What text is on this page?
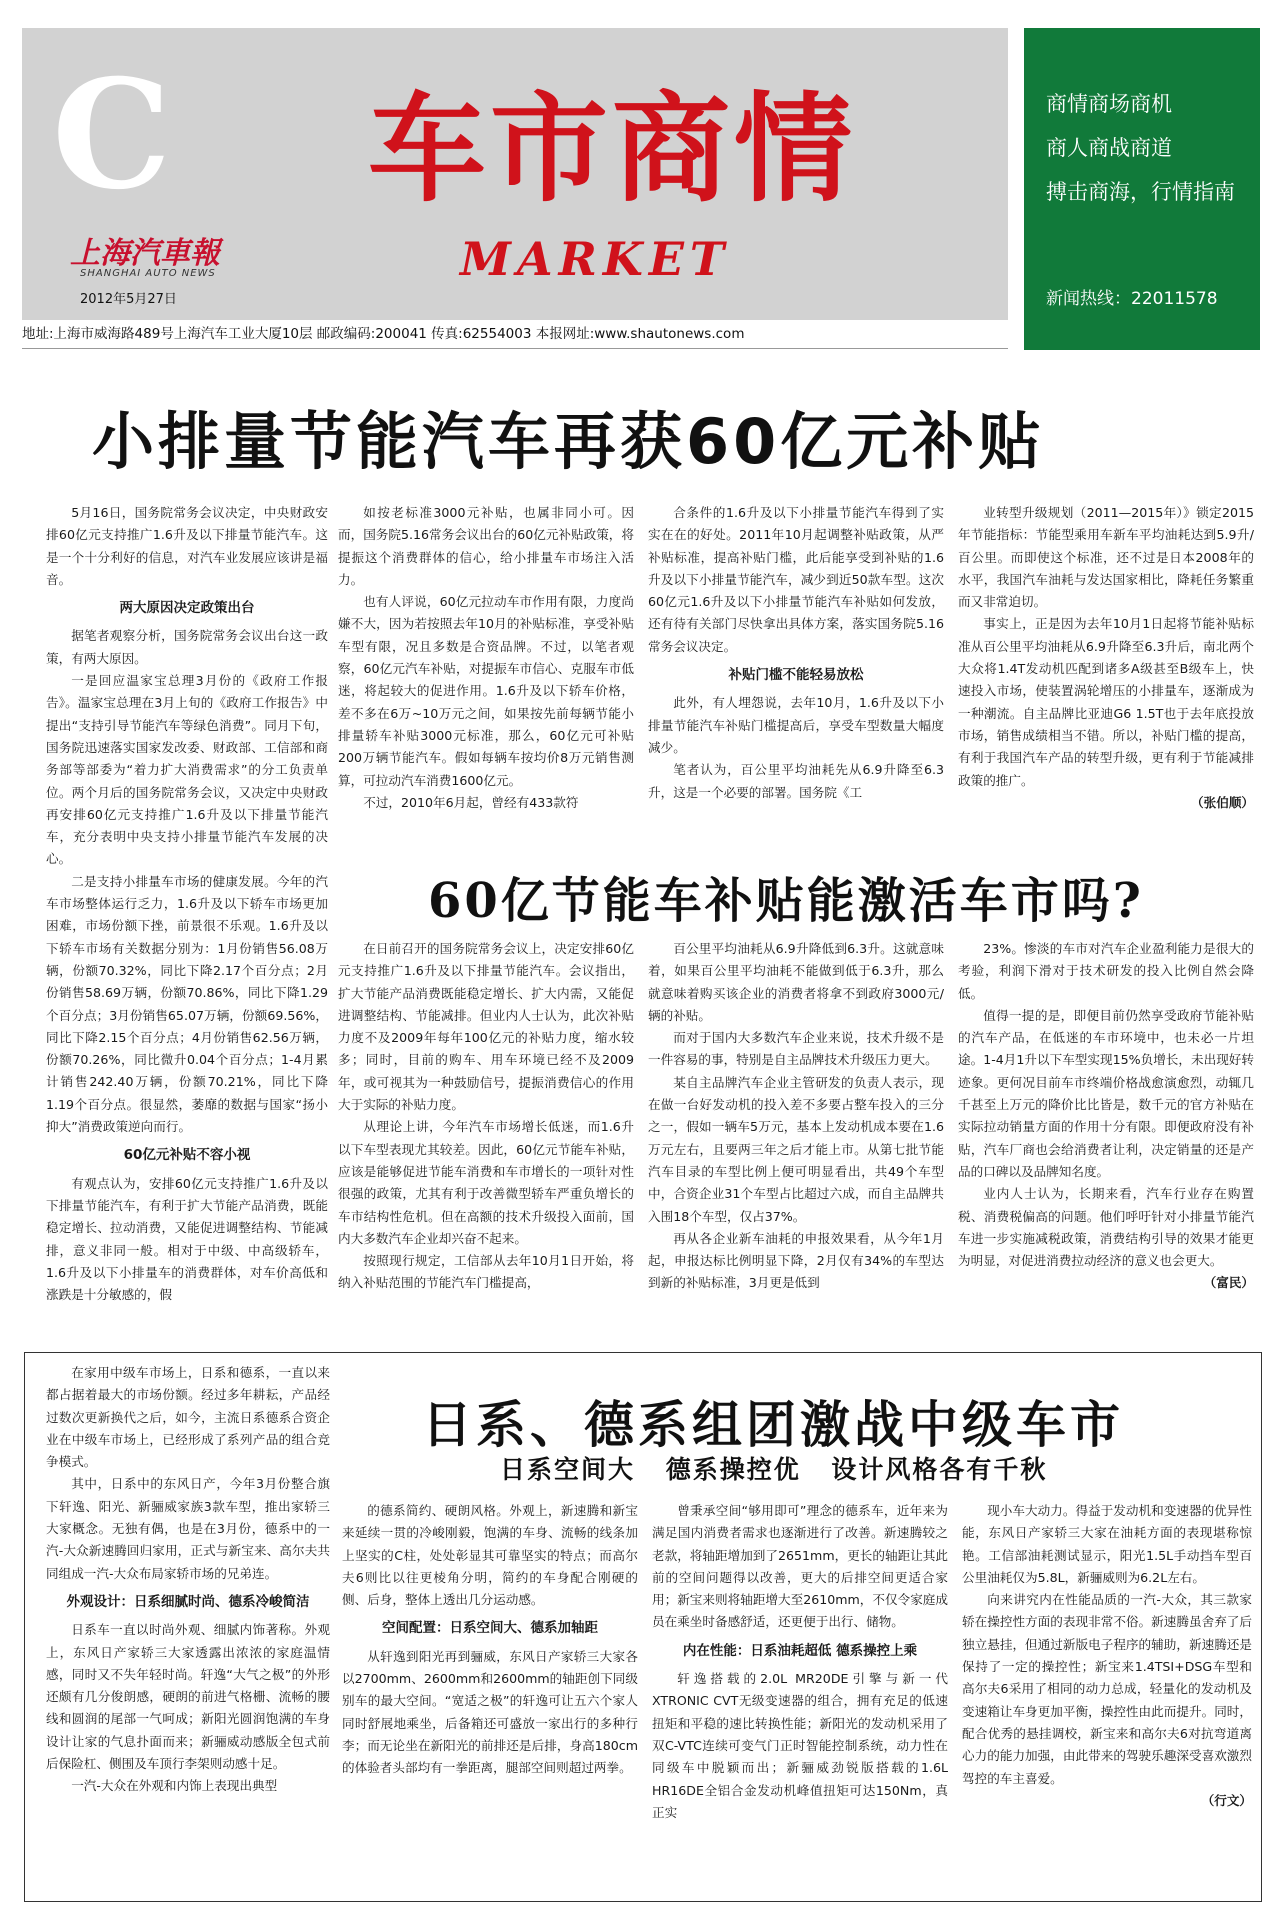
C
上海汽車報
SHANGHAI AUTO NEWS
2012年5月27日
车市商情
MARKET
商情商场商机
商人商战商道
搏击商海，行情指南
新闻热线：22011578
地址:上海市威海路489号上海汽车工业大厦10层 邮政编码:200041 传真:62554003 本报网址:www.shautonews.com
小排量节能汽车再获60亿元补贴

5月16日，国务院常务会议决定，中央财政安排60亿元支持推广1.6升及以下排量节能汽车。这是一个十分利好的信息，对汽车业发展应该讲是福音。

两大原因决定政策出台

据笔者观察分析，国务院常务会议出台这一政策，有两大原因。

一是回应温家宝总理3月份的《政府工作报告》。温家宝总理在3月上旬的《政府工作报告》中提出“支持引导节能汽车等绿色消费”。同月下旬，国务院迅速落实国家发改委、财政部、工信部和商务部等部委为“着力扩大消费需求”的分工负责单位。两个月后的国务院常务会议，又决定中央财政再安排60亿元支持推广1.6升及以下排量节能汽车，充分表明中央支持小排量节能汽车发展的决心。

二是支持小排量车市场的健康发展。今年的汽车市场整体运行乏力，1.6升及以下轿车市场更加困难，市场份额下挫，前景很不乐观。1.6升及以下轿车市场有关数据分别为：1月份销售56.08万辆，份额70.32%，同比下降2.17个百分点；2月份销售58.69万辆，份额70.86%，同比下降1.29个百分点；3月份销售65.07万辆，份额69.56%，同比下降2.15个百分点；4月份销售62.56万辆，份额70.26%，同比微升0.04个百分点；1-4月累计销售242.40万辆，份额70.21%，同比下降1.19个百分点。很显然，萎靡的数据与国家“扬小抑大”消费政策逆向而行。

60亿元补贴不容小视

有观点认为，安排60亿元支持推广1.6升及以下排量节能汽车，有利于扩大节能产品消费，既能稳定增长、拉动消费，又能促进调整结构、节能减排，意义非同一般。相对于中级、中高级轿车，1.6升及以下小排量车的消费群体，对车价高低和涨跌是十分敏感的，假

如按老标准3000元补贴，也属非同小可。因而，国务院5.16常务会议出台的60亿元补贴政策，将提振这个消费群体的信心，给小排量车市场注入活力。

也有人评说，60亿元拉动车市作用有限，力度尚嫌不大，因为若按照去年10月的补贴标准，享受补贴车型有限，况且多数是合资品牌。不过，以笔者观察，60亿元汽车补贴，对提振车市信心、克服车市低迷，将起较大的促进作用。1.6升及以下轿车价格，差不多在6万~10万元之间，如果按先前每辆节能小排量轿车补贴3000元标准，那么，60亿元可补贴200万辆节能汽车。假如每辆车按均价8万元销售测算，可拉动汽车消费1600亿元。

不过，2010年6月起，曾经有433款符

合条件的1.6升及以下小排量节能汽车得到了实实在在的好处。2011年10月起调整补贴政策，从严补贴标准，提高补贴门槛，此后能享受到补贴的1.6升及以下小排量节能汽车，减少到近50款车型。这次60亿元1.6升及以下小排量节能汽车补贴如何发放，还有待有关部门尽快拿出具体方案，落实国务院5.16常务会议决定。

补贴门槛不能轻易放松

此外，有人埋怨说，去年10月，1.6升及以下小排量节能汽车补贴门槛提高后，享受车型数量大幅度减少。

笔者认为，百公里平均油耗先从6.9升降至6.3升，这是一个必要的部署。国务院《工

业转型升级规划（2011—2015年）》锁定2015年节能指标：节能型乘用车新车平均油耗达到5.9升/百公里。而即使这个标准，还不过是日本2008年的水平，我国汽车油耗与发达国家相比，降耗任务繁重而又非常迫切。

事实上，正是因为去年10月1日起将节能补贴标准从百公里平均油耗从6.9升降至6.3升后，南北两个大众将1.4T发动机匹配到诸多A级甚至B级车上，快速投入市场，使装置涡轮增压的小排量车，逐渐成为一种潮流。自主品牌比亚迪G6 1.5T也于去年底投放市场，销售成绩相当不错。所以，补贴门槛的提高，有利于我国汽车产品的转型升级，更有利于节能减排政策的推广。

（张伯顺）

60亿节能车补贴能激活车市吗?

在日前召开的国务院常务会议上，决定安排60亿元支持推广1.6升及以下排量节能汽车。会议指出，扩大节能产品消费既能稳定增长、扩大内需，又能促进调整结构、节能减排。但业内人士认为，此次补贴力度不及2009年每年100亿元的补贴力度，缩水较多；同时，目前的购车、用车环境已经不及2009年，或可视其为一种鼓励信号，提振消费信心的作用大于实际的补贴力度。

从理论上讲，今年汽车市场增长低迷，而1.6升以下车型表现尤其较差。因此，60亿元节能车补贴，应该是能够促进节能车消费和车市增长的一项针对性很强的政策，尤其有利于改善微型轿车严重负增长的车市结构性危机。但在高额的技术升级投入面前，国内大多数汽车企业却兴奋不起来。

按照现行规定，工信部从去年10月1日开始，将纳入补贴范围的节能汽车门槛提高，

百公里平均油耗从6.9升降低到6.3升。这就意味着，如果百公里平均油耗不能做到低于6.3升，那么就意味着购买该企业的消费者将拿不到政府3000元/辆的补贴。

而对于国内大多数汽车企业来说，技术升级不是一件容易的事，特别是自主品牌技术升级压力更大。

某自主品牌汽车企业主管研发的负责人表示，现在做一台好发动机的投入差不多要占整车投入的三分之一，假如一辆车5万元，基本上发动机成本要在1.6万元左右，且要两三年之后才能上市。从第七批节能汽车目录的车型比例上便可明显看出，共49个车型中，合资企业31个车型占比超过六成，而自主品牌共入围18个车型，仅占37%。

再从各企业新车油耗的申报效果看，从今年1月起，申报达标比例明显下降，2月仅有34%的车型达到新的补贴标准，3月更是低到

23%。惨淡的车市对汽车企业盈利能力是很大的考验，利润下滑对于技术研发的投入比例自然会降低。

值得一提的是，即便目前仍然享受政府节能补贴的汽车产品，在低迷的车市环境中，也未必一片坦途。1-4月1升以下车型实现15%负增长，未出现好转迹象。更何况目前车市终端价格战愈演愈烈，动辄几千甚至上万元的降价比比皆是，数千元的官方补贴在实际拉动销量方面的作用十分有限。即便政府没有补贴，汽车厂商也会给消费者让利，决定销量的还是产品的口碑以及品牌知名度。

业内人士认为，长期来看，汽车行业存在购置税、消费税偏高的问题。他们呼吁针对小排量节能汽车进一步实施减税政策，消费结构引导的效果才能更为明显，对促进消费拉动经济的意义也会更大。

（富民）

日系、德系组团激战中级车市
日系空间大 德系操控优 设计风格各有千秋

在家用中级车市场上，日系和德系，一直以来都占据着最大的市场份额。经过多年耕耘，产品经过数次更新换代之后，如今，主流日系德系合资企业在中级车市场上，已经形成了系列产品的组合竞争模式。

其中，日系中的东风日产，今年3月份整合旗下轩逸、阳光、新骊威家族3款车型，推出家轿三大家概念。无独有偶，也是在3月份，德系中的一汽-大众新速腾回归家用，正式与新宝来、高尔夫共同组成一汽-大众布局家轿市场的兄弟连。

外观设计：日系细腻时尚、德系冷峻简洁

日系车一直以时尚外观、细腻内饰著称。外观上，东风日产家轿三大家透露出浓浓的家庭温情感，同时又不失年轻时尚。轩逸“大气之极”的外形还颇有几分俊朗感，硬朗的前进气格栅、流畅的腰线和圆润的尾部一气呵成；新阳光圆润饱满的车身设计让家的气息扑面而来；新骊威动感版全包式前后保险杠、侧围及车顶行李架则动感十足。

一汽-大众在外观和内饰上表现出典型

的德系简约、硬朗风格。外观上，新速腾和新宝来延续一贯的冷峻刚毅，饱满的车身、流畅的线条加上坚实的C柱，处处彰显其可靠坚实的特点；而高尔夫6则比以往更棱角分明，简约的车身配合刚硬的侧、后身，整体上透出几分运动感。

空间配置：日系空间大、德系加轴距

从轩逸到阳光再到骊威，东风日产家轿三大家各以2700mm、2600mm和2600mm的轴距创下同级别车的最大空间。“宽适之极”的轩逸可让五六个家人同时舒展地乘坐，后备箱还可盛放一家出行的多种行李；而无论坐在新阳光的前排还是后排，身高180cm的体验者头部均有一拳距离，腿部空间则超过两拳。

曾秉承空间“够用即可”理念的德系车，近年来为满足国内消费者需求也逐渐进行了改善。新速腾较之老款，将轴距增加到了2651mm，更长的轴距让其此前的空间问题得以改善，更大的后排空间更适合家用；新宝来则将轴距增大至2610mm，不仅令家庭成员在乘坐时备感舒适，还更便于出行、储物。

内在性能：日系油耗超低 德系操控上乘

轩逸搭载的2.0L MR20DE引擎与新一代XTRONIC CVT无级变速器的组合，拥有充足的低速扭矩和平稳的速比转换性能；新阳光的发动机采用了双C-VTC连续可变气门正时智能控制系统，动力性在同级车中脱颖而出；新骊威劲锐版搭载的1.6L HR16DE全铝合金发动机峰值扭矩可达150Nm，真正实

现小车大动力。得益于发动机和变速器的优异性能，东风日产家轿三大家在油耗方面的表现堪称惊艳。工信部油耗测试显示，阳光1.5L手动挡车型百公里油耗仅为5.8L，新骊威则为6.2L左右。

向来讲究内在性能品质的一汽-大众，其三款家轿在操控性方面的表现非常不俗。新速腾虽舍弃了后独立悬挂，但通过新版电子程序的辅助，新速腾还是保持了一定的操控性；新宝来1.4TSI+DSG车型和高尔夫6采用了相同的动力总成，轻量化的发动机及变速箱让车身更加平衡，操控性由此而提升。同时，配合优秀的悬挂调校，新宝来和高尔夫6对抗弯道离心力的能力加强，由此带来的驾驶乐趣深受喜欢激烈驾控的车主喜爱。

（行文）
